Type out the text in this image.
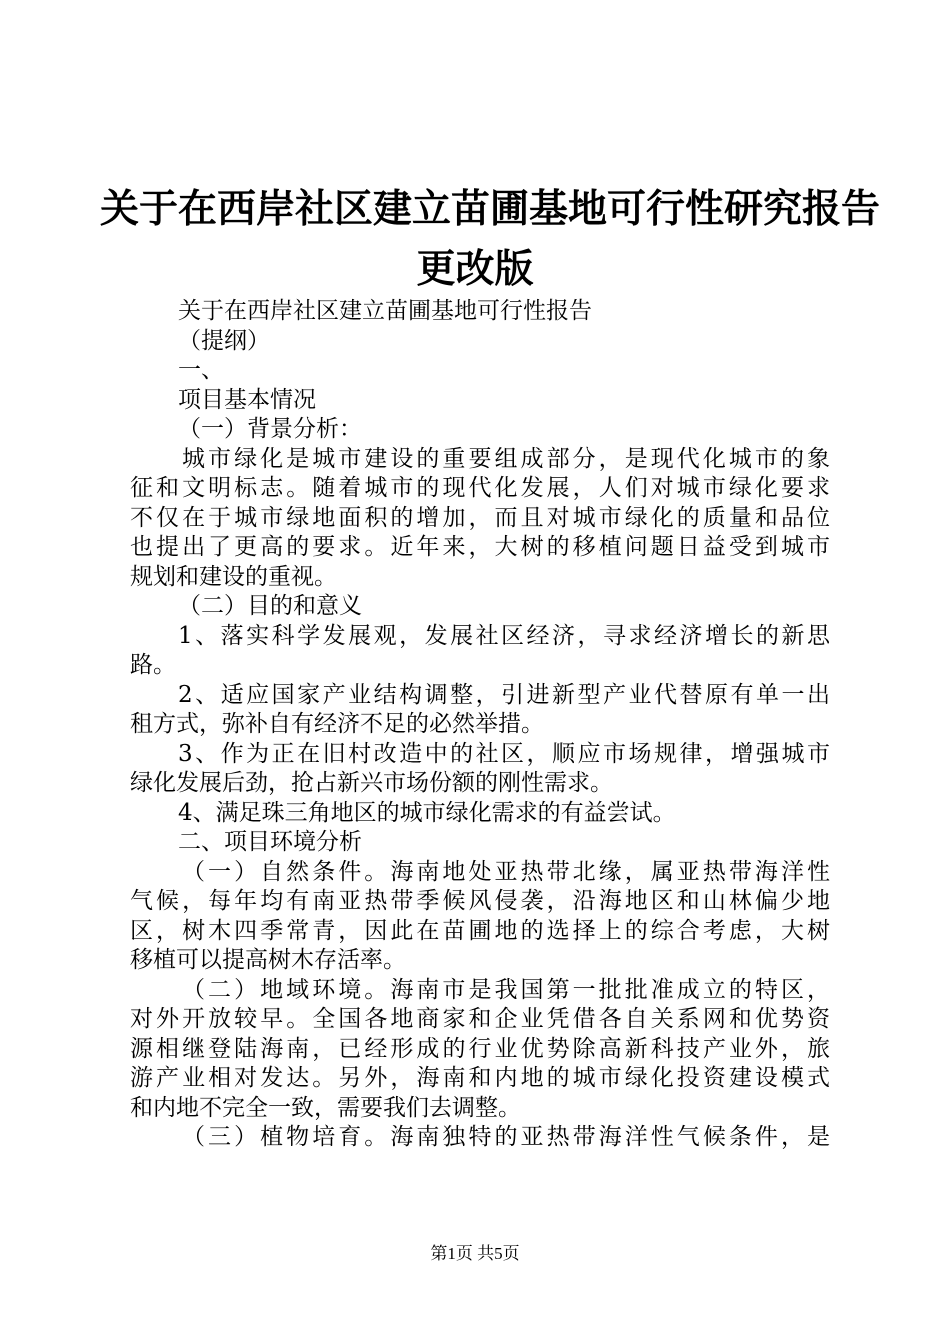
关于在西岸社区建立苗圃基地可行性研究报告
更改版
关于在西岸社区建立苗圃基地可行性报告
（提纲）
一、
项目基本情况
（一）背景分析：
城市绿化是城市建设的重要组成部分，是现代化城市的象
征和文明标志。随着城市的现代化发展，人们对城市绿化要求
不仅在于城市绿地面积的增加，而且对城市绿化的质量和品位
也提出了更高的要求。近年来，大树的移植问题日益受到城市
规划和建设的重视。
（二）目的和意义
1、落实科学发展观，发展社区经济，寻求经济增长的新思
路。
2、适应国家产业结构调整，引进新型产业代替原有单一出
租方式，弥补自有经济不足的必然举措。
3、作为正在旧村改造中的社区，顺应市场规律，增强城市
绿化发展后劲，抢占新兴市场份额的刚性需求。
4、满足珠三角地区的城市绿化需求的有益尝试。
二、项目环境分析
（一）自然条件。海南地处亚热带北缘，属亚热带海洋性
气候，每年均有南亚热带季候风侵袭，沿海地区和山林偏少地
区，树木四季常青，因此在苗圃地的选择上的综合考虑，大树
移植可以提高树木存活率。
（二）地域环境。海南市是我国第一批批准成立的特区，
对外开放较早。全国各地商家和企业凭借各自关系网和优势资
源相继登陆海南，已经形成的行业优势除高新科技产业外，旅
游产业相对发达。另外，海南和内地的城市绿化投资建设模式
和内地不完全一致，需要我们去调整。
（三）植物培育。海南独特的亚热带海洋性气候条件，是
第1页 共5页
